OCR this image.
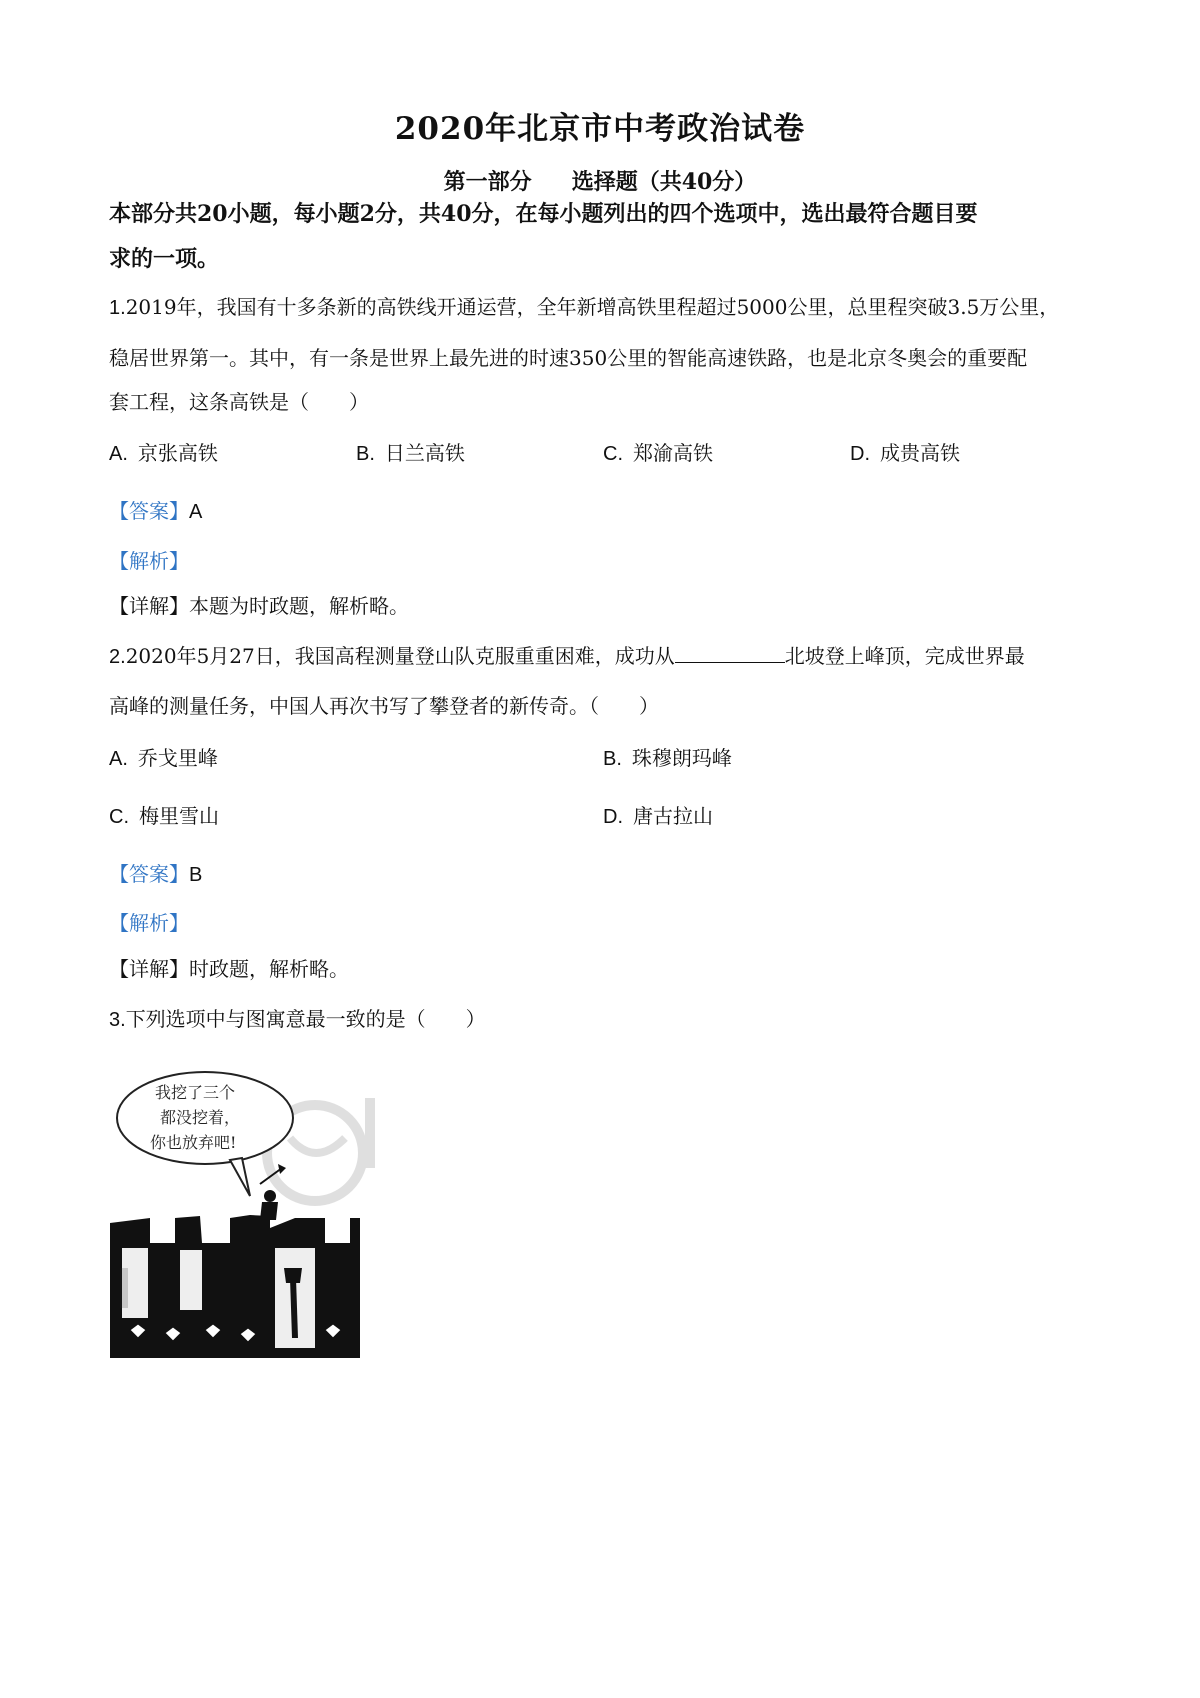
2020年北京市中考政治试卷
第一部分 选择题（共40分）
本部分共20小题，每小题2分，共40分，在每小题列出的四个选项中，选出最符合题目要
求的一项。
1.2019年，我国有十多条新的高铁线开通运营，全年新增高铁里程超过5000公里，总里程突破3.5万公里，
稳居世界第一。其中，有一条是世界上最先进的时速350公里的智能高速铁路，也是北京冬奥会的重要配
套工程，这条高铁是（　　）
A. 京张高铁	B. 日兰高铁	C. 郑渝高铁	D. 成贵高铁
【答案】A
【解析】
【详解】本题为时政题，解析略。
2.2020年5月27日，我国高程测量登山队克服重重困难，成功从	北坡登上峰顶，完成世界最
高峰的测量任务，中国人再次书写了攀登者的新传奇。（　　）
A. 乔戈里峰	B. 珠穆朗玛峰
C. 梅里雪山	D. 唐古拉山
【答案】B
【解析】
【详解】时政题，解析略。
3.下列选项中与图寓意最一致的是（　　）
我挖了三个
都没挖着，
你也放弃吧!
